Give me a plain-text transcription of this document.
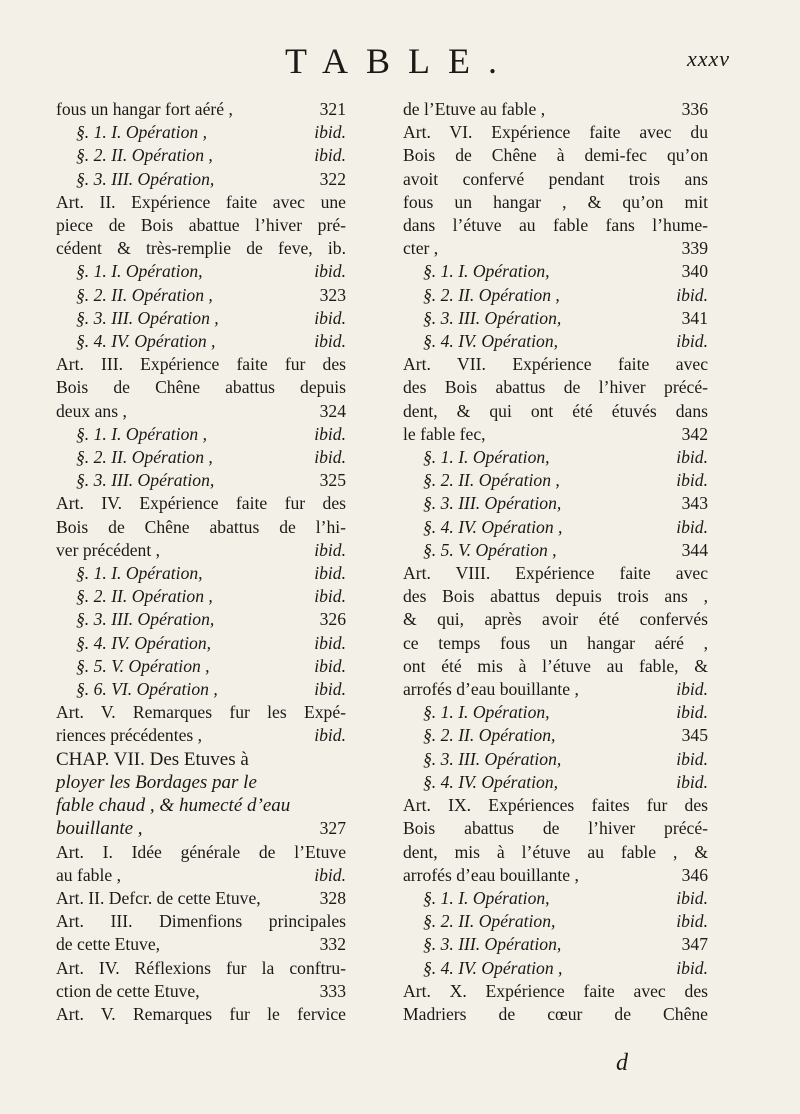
TABLE.	xxxv
fous un hangar fort aéré ,	321
§. 1. I. Opération ,	ibid.
§. 2. II. Opération ,	ibid.
§. 3. III. Opération,	322
Art. II. Expérience faite avec une
piece de Bois abattue l’hiver pré-
cédent & très-remplie de feve, ib.
§. 1. I. Opération,	ibid.
§. 2. II. Opération ,	323
§. 3. III. Opération ,	ibid.
§. 4. IV. Opération ,	ibid.
Art. III. Expérience faite fur des
Bois de Chêne abattus depuis
deux ans ,	324
§. 1. I. Opération ,	ibid.
§. 2. II. Opération ,	ibid.
§. 3. III. Opération,	325
Art. IV. Expérience faite fur des
Bois de Chêne abattus de l’hi-
ver précédent ,	ibid.
§. 1. I. Opération,	ibid.
§. 2. II. Opération ,	ibid.
§. 3. III. Opération,	326
§. 4. IV. Opération,	ibid.
§. 5. V. Opération ,	ibid.
§. 6. VI. Opération ,	ibid.
Art. V. Remarques fur les Expé-
riences précédentes ,	ibid.
CHAP. VII. Des Etuves à
ployer les Bordages par le
fable chaud , & humecté d’eau
bouillante ,	327
Art. I. Idée générale de l’Etuve
au fable ,	ibid.
Art. II. Defcr. de cette Etuve,	328
Art. III. Dimenfions principales
de cette Etuve,	332
Art. IV. Réflexions fur la conftru-
ction de cette Etuve,	333
Art. V. Remarques fur le fervice
de l’Etuve au fable ,	336
Art. VI. Expérience faite avec du
Bois de Chêne à demi-fec qu’on
avoit confervé pendant trois ans
fous un hangar , & qu’on mit
dans l’étuve au fable fans l’hume-
cter ,	339
§. 1. I. Opération,	340
§. 2. II. Opération ,	ibid.
§. 3. III. Opération,	341
§. 4. IV. Opération,	ibid.
Art. VII. Expérience faite avec
des Bois abattus de l’hiver précé-
dent, & qui ont été étuvés dans
le fable fec,	342
§. 1. I. Opération,	ibid.
§. 2. II. Opération ,	ibid.
§. 3. III. Opération,	343
§. 4. IV. Opération ,	ibid.
§. 5. V. Opération ,	344
Art. VIII. Expérience faite avec
des Bois abattus depuis trois ans ,
& qui, après avoir été confervés
ce temps fous un hangar aéré ,
ont été mis à l’étuve au fable, &
arrofés d’eau bouillante ,	ibid.
§. 1. I. Opération,	ibid.
§. 2. II. Opération,	345
§. 3. III. Opération,	ibid.
§. 4. IV. Opération,	ibid.
Art. IX. Expériences faites fur des
Bois abattus de l’hiver précé-
dent, mis à l’étuve au fable , &
arrofés d’eau bouillante ,	346
§. 1. I. Opération,	ibid.
§. 2. II. Opération,	ibid.
§. 3. III. Opération,	347
§. 4. IV. Opération ,	ibid.
Art. X. Expérience faite avec des
Madriers de cœur de Chêne
d
